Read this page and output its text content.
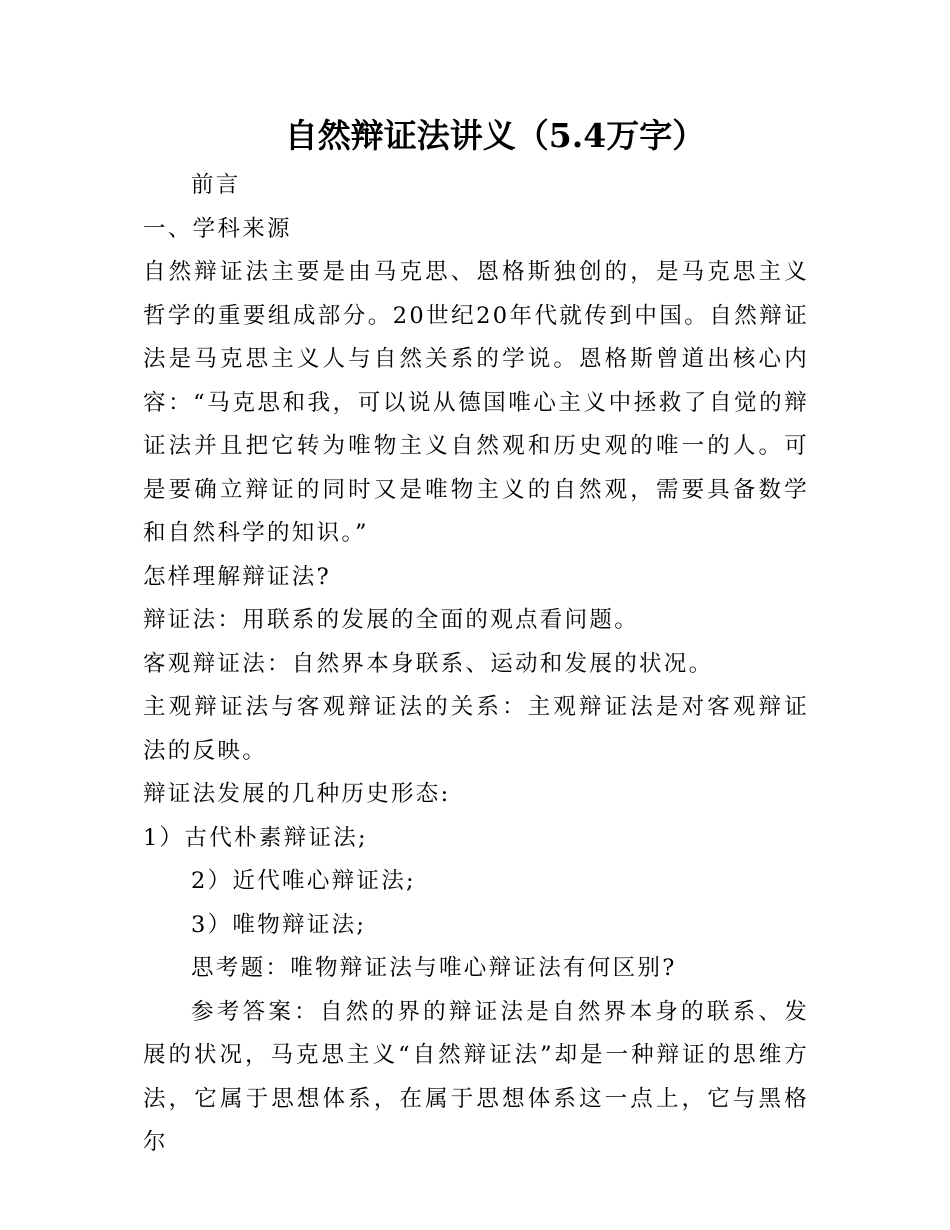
自然辩证法讲义（5.4万字）

前言

一、学科来源

自然辩证法主要是由马克思、恩格斯独创的，是马克思主义哲学的重要组成部分。20世纪20年代就传到中国。自然辩证法是马克思主义人与自然关系的学说。恩格斯曾道出核心内容：“马克思和我，可以说从德国唯心主义中拯救了自觉的辩证法并且把它转为唯物主义自然观和历史观的唯一的人。可是要确立辩证的同时又是唯物主义的自然观，需要具备数学和自然科学的知识。”

怎样理解辩证法?

辩证法：用联系的发展的全面的观点看问题。

客观辩证法：自然界本身联系、运动和发展的状况。

主观辩证法与客观辩证法的关系：主观辩证法是对客观辩证法的反映。

辩证法发展的几种历史形态:

1）古代朴素辩证法;

2）近代唯心辩证法;

3）唯物辩证法;

思考题：唯物辩证法与唯心辩证法有何区别?

参考答案：自然的界的辩证法是自然界本身的联系、发展的状况，马克思主义“自然辩证法”却是一种辩证的思维方法，它属于思想体系，在属于思想体系这一点上，它与黑格尔
